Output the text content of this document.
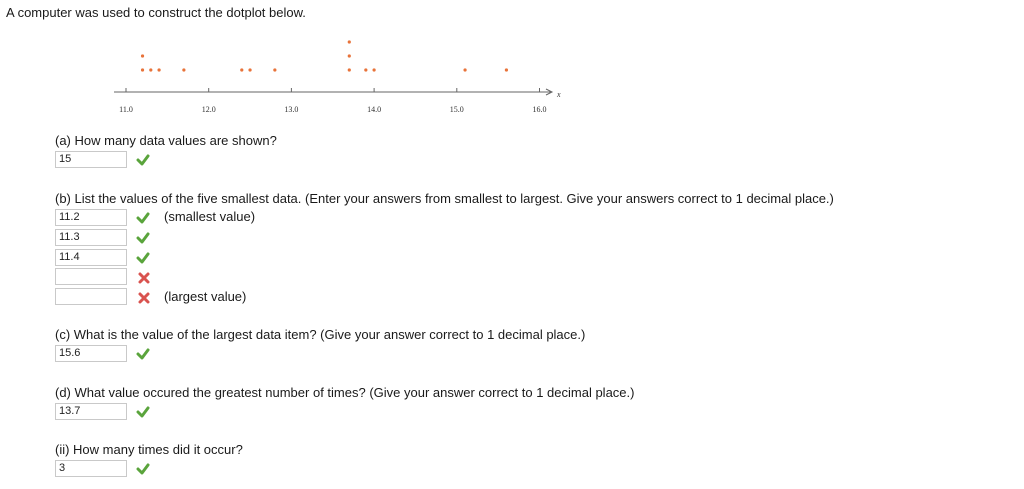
A computer was used to construct the dotplot below.
x
11.0	12.0	13.0	14.0	15.0	16.0
(a) How many data values are shown?
15
(b) List the values of the five smallest data. (Enter your answers from smallest to largest. Give your answers correct to 1 decimal place.)
11.2	(smallest value)
11.3
11.4
(largest value)
(c) What is the value of the largest data item? (Give your answer correct to 1 decimal place.)
15.6
(d) What value occured the greatest number of times? (Give your answer correct to 1 decimal place.)
13.7
(ii) How many times did it occur?
3
